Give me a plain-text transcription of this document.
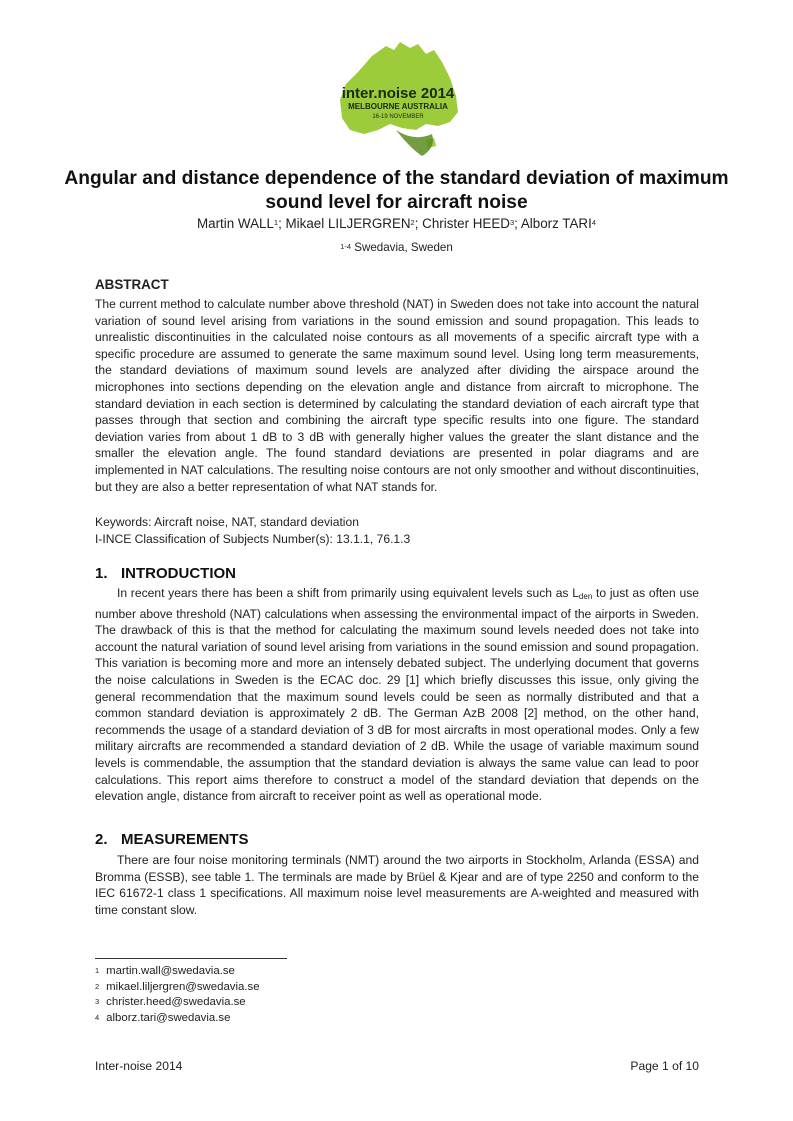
inter.noise 2014
MELBOURNE AUSTRALIA
16-19 NOVEMBER
Angular and distance dependence of the standard deviation of maximum sound level for aircraft noise
Martin WALL$^1$; Mikael LILJERGREN$^2$; Christer HEED$^3$; Alborz TARI$^4$
$^{1-4}$ Swedavia, Sweden
ABSTRACT

The current method to calculate number above threshold (NAT) in Sweden does not take into account the natural variation of sound level arising from variations in the sound emission and sound propagation. This leads to unrealistic discontinuities in the calculated noise contours as all movements of a specific aircraft type with a specific procedure are assumed to generate the same maximum sound level. Using long term measurements, the standard deviations of maximum sound levels are analyzed after dividing the airspace around the microphones into sections depending on the elevation angle and distance from aircraft to microphone. The standard deviation in each section is determined by calculating the standard deviation of each aircraft type that passes through that section and combining the aircraft type specific results into one figure. The standard deviation varies from about 1 dB to 3 dB with generally higher values the greater the slant distance and the smaller the elevation angle. The found standard deviations are presented in polar diagrams and are implemented in NAT calculations. The resulting noise contours are not only smoother and without discontinuities, but they are also a better representation of what NAT stands for.

Keywords: Aircraft noise, NAT, standard deviation
I-INCE Classification of Subjects Number(s): 13.1.1, 76.1.3
1. INTRODUCTION

In recent years there has been a shift from primarily using equivalent levels such as $L_{den}$ to just as often use number above threshold (NAT) calculations when assessing the environmental impact of the airports in Sweden. The drawback of this is that the method for calculating the maximum sound levels needed does not take into account the natural variation of sound level arising from variations in the sound emission and sound propagation. This variation is becoming more and more an intensely debated subject. The underlying document that governs the noise calculations in Sweden is the ECAC doc. 29 [1] which briefly discusses this issue, only giving the general recommendation that the maximum sound levels could be seen as normally distributed and that a common standard deviation is approximately 2 dB. The German AzB 2008 [2] method, on the other hand, recommends the usage of a standard deviation of 3 dB for most aircrafts in most operational modes. Only a few military aircrafts are recommended a standard deviation of 2 dB. While the usage of variable maximum sound levels is commendable, the assumption that the standard deviation is always the same value can lead to poor calculations. This report aims therefore to construct a model of the standard deviation that depends on the elevation angle, distance from aircraft to receiver point as well as operational mode.

2. MEASUREMENTS

There are four noise monitoring terminals (NMT) around the two airports in Stockholm, Arlanda (ESSA) and Bromma (ESSB), see table 1. The terminals are made by Brüel & Kjear and are of type 2250 and conform to the IEC 61672-1 class 1 specifications. All maximum noise level measurements are A-weighted and measured with time constant slow.

$^1$ martin.wall@swedavia.se
$^2$ mikael.liljergren@swedavia.se
$^3$ christer.heed@swedavia.se
$^4$ alborz.tari@swedavia.se
Inter-noise 2014	Page 1 of 10
